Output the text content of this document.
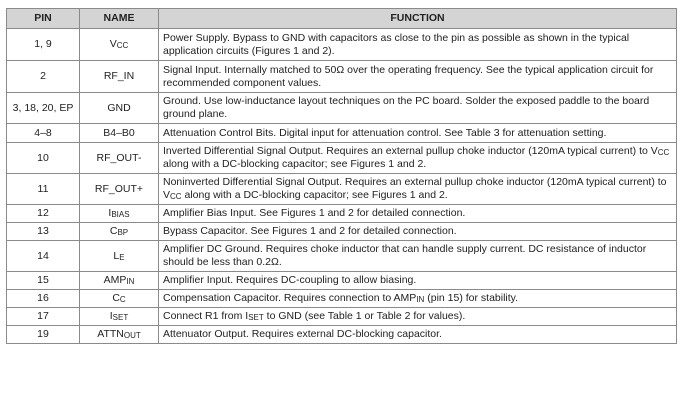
PIN	NAME	FUNCTION
1, 9	$V_{CC}$	Power Supply. Bypass to GND with capacitors as close to the pin as possible as shown in the typical application circuits (Figures 1 and 2).
2	RF_IN	Signal Input. Internally matched to 50Ω over the operating frequency. See the typical application circuit for recommended component values.
3, 18, 20, EP	GND	Ground. Use low-inductance layout techniques on the PC board. Solder the exposed paddle to the board ground plane.
4–8	B4–B0	Attenuation Control Bits. Digital input for attenuation control. See Table 3 for attenuation setting.
10	RF_OUT-	Inverted Differential Signal Output. Requires an external pullup choke inductor (120mA typical current) to $V_{CC}$ along with a DC-blocking capacitor; see Figures 1 and 2.
11	RF_OUT+	Noninverted Differential Signal Output. Requires an external pullup choke inductor (120mA typical current) to $V_{CC}$ along with a DC-blocking capacitor; see Figures 1 and 2.
12	$I_{BIAS}$	Amplifier Bias Input. See Figures 1 and 2 for detailed connection.
13	$C_{BP}$	Bypass Capacitor. See Figures 1 and 2 for detailed connection.
14	$L_E$	Amplifier DC Ground. Requires choke inductor that can handle supply current. DC resistance of inductor should be less than 0.2Ω.
15	$AMP_{IN}$	Amplifier Input. Requires DC-coupling to allow biasing.
16	$C_C$	Compensation Capacitor. Requires connection to $AMP_{IN}$ (pin 15) for stability.
17	$I_{SET}$	Connect R1 from $I_{SET}$ to GND (see Table 1 or Table 2 for values).
19	$ATTN_{OUT}$	Attenuator Output. Requires external DC-blocking capacitor.
